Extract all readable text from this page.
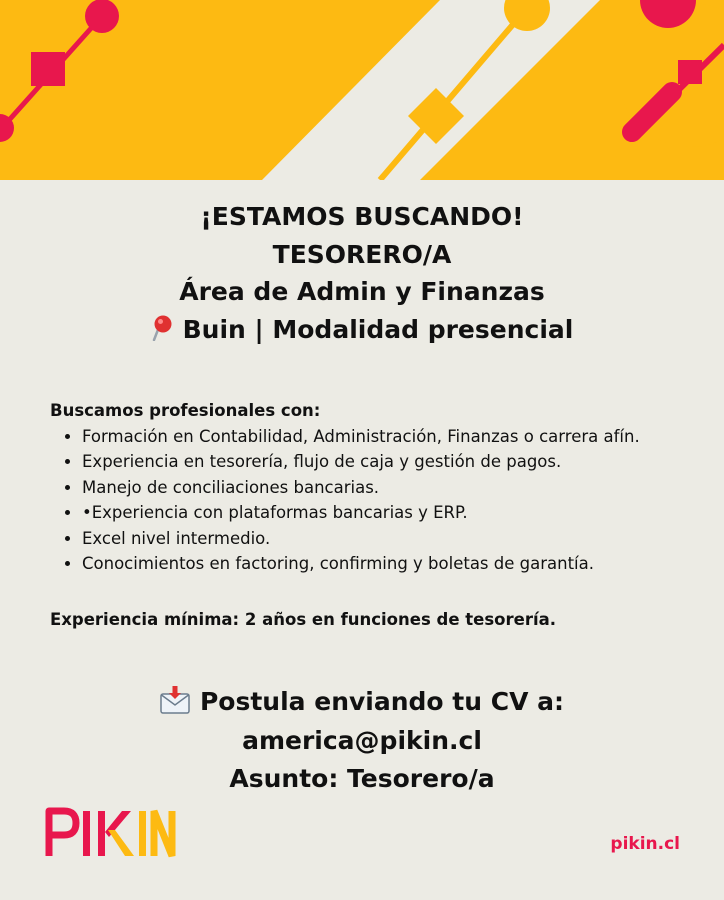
¡ESTAMOS BUSCANDO!
TESORERO/A
Área de Admin y Finanzas
Buin | Modalidad presencial
Buscamos profesionales con:
• Formación en Contabilidad, Administración, Finanzas o carrera afín.
• Experiencia en tesorería, flujo de caja y gestión de pagos.
• Manejo de conciliaciones bancarias.
• •Experiencia con plataformas bancarias y ERP.
• Excel nivel intermedio.
• Conocimientos en factoring, confirming y boletas de garantía.
Experiencia mínima: 2 años en funciones de tesorería.
Postula enviando tu CV a:
america@pikin.cl
Asunto: Tesorero/a
pikin.cl
